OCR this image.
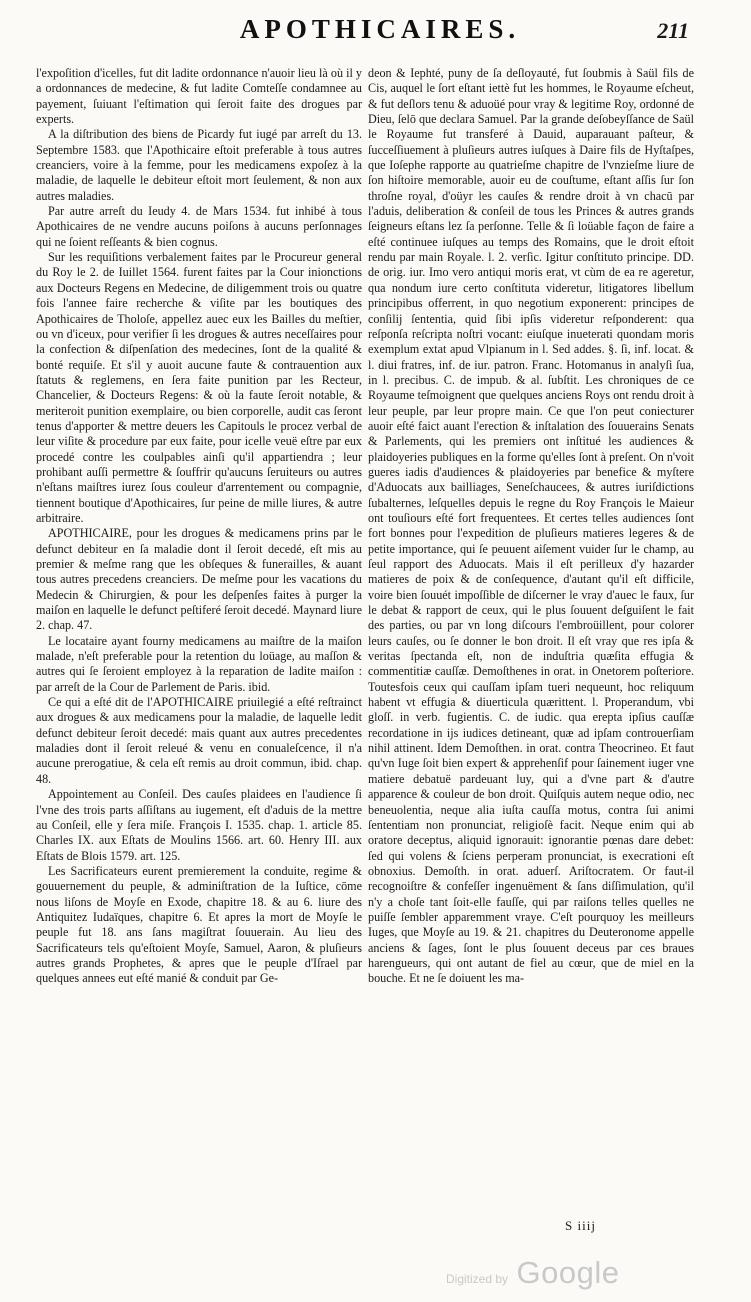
APOTHICAIRES.	211

l'expoſition d'icelles, fut dit ladite ordonnance n'auoir lieu là où il y a ordonnances de medecine, & fut ladite Comteſſe condamnee au payement, ſuiuant l'eſtimation qui ſeroit faite des drogues par experts.

A la diſtribution des biens de Picardy fut iugé par arreſt du 13. Septembre 1583. que l'Apothicaire eſtoit preferable à tous autres creanciers, voire à la femme, pour les medicamens expoſez à la maladie, de laquelle le debiteur eſtoit mort ſeulement, & non aux autres maladies.

Par autre arreſt du Ieudy 4. de Mars 1534. fut inhibé à tous Apothicaires de ne vendre aucuns poiſons à aucuns perſonnages qui ne ſoient reſſeants & bien cognus.

Sur les requiſitions verbalement faites par le Procureur general du Roy le 2. de Iuillet 1564. furent faites par la Cour inionctions aux Docteurs Regens en Medecine, de diligemment trois ou quatre fois l'annee faire recherche & viſite par les boutiques des Apothicaires de Tholoſe, appellez auec eux les Bailles du meſtier, ou vn d'iceux, pour verifier ſi les drogues & autres neceſſaires pour la confection & diſpenſation des medecines, ſont de la qualité & bonté requiſe. Et s'il y auoit aucune faute & contrauention aux ſtatuts & reglemens, en ſera faite punition par les Recteur, Chancelier, & Docteurs Regens: & où la faute ſeroit notable, & meriteroit punition exemplaire, ou bien corporelle, audit cas ſeront tenus d'apporter & mettre deuers les Capitouls le procez verbal de leur viſite & procedure par eux faite, pour icelle veuë eſtre par eux procedé contre les coulpables ainſi qu'il appartiendra ; leur prohibant auſſi permettre & ſouffrir qu'aucuns ſeruiteurs ou autres n'eſtans maiſtres iurez ſous couleur d'arrentement ou compagnie, tiennent boutique d'Apothicaires, ſur peine de mille liures, & autre arbitraire.

APOTHICAIRE, pour les drogues & medicamens prins par le defunct debiteur en ſa maladie dont il ſeroit decedé, eſt mis au premier & meſme rang que les obſeques & funerailles, & auant tous autres precedens creanciers. De meſme pour les vacations du Medecin & Chirurgien, & pour les deſpenſes faites à purger la maiſon en laquelle le defunct peſtiferé ſeroit decedé. Maynard liure 2. chap. 47.

Le locataire ayant fourny medicamens au maiſtre de la maiſon malade, n'eſt preferable pour la retention du loüage, au maſſon & autres qui ſe ſeroient employez à la reparation de ladite maiſon : par arreſt de la Cour de Parlement de Paris. ibid.

Ce qui a eſté dit de l'APOTHICAIRE priuilegié a eſté reſtrainct aux drogues & aux medicamens pour la maladie, de laquelle ledit defunct debiteur ſeroit decedé: mais quant aux autres precedentes maladies dont il ſeroit releué & venu en conualeſcence, il n'a aucune prerogatiue, & cela eſt remis au droit commun, ibid. chap. 48.

Appointement au Conſeil. Des cauſes plaidees en l'audience ſi l'vne des trois parts aſſiſtans au iugement, eſt d'aduis de la mettre au Conſeil, elle y ſera miſe. François I. 1535. chap. 1. article 85. Charles IX. aux Eſtats de Moulins 1566. art. 60. Henry III. aux Eſtats de Blois 1579. art. 125.

Les Sacrificateurs eurent premierement la conduite, regime & gouuernement du peuple, & adminiſtration de la Iuſtice, cōme nous liſons de Moyſe en Exode, chapitre 18. & au 6. liure des Antiquitez Iudaïques, chapitre 6. Et apres la mort de Moyſe le peuple fut 18. ans ſans magiſtrat ſouuerain. Au lieu des Sacrificateurs tels qu'eſtoient Moyſe, Samuel, Aaron, & pluſieurs autres grands Prophetes, & apres que le peuple d'Iſrael par quelques annees eut eſté manié & conduit par Ge-

deon & Iephté, puny de ſa deſloyauté, fut ſoubmis à Saül fils de Cis, auquel le ſort eſtant iettè fut les hommes, le Royaume eſcheut, & fut deſlors tenu & aduoüé pour vray & legitime Roy, ordonné de Dieu, ſelō que declara Samuel. Par la grande deſobeyſſance de Saül le Royaume fut transferé à Dauid, auparauant paſteur, & ſucceſſiuement à pluſieurs autres iuſques à Daire fils de Hyſtaſpes, que Ioſephe rapporte au quatrieſme chapitre de l'vnzieſme liure de ſon hiſtoire memorable, auoir eu de couſtume, eſtant aſſis ſur ſon throſne royal, d'oüyr les cauſes & rendre droit à vn chacū par l'aduis, deliberation & conſeil de tous les Princes & autres grands ſeigneurs eſtans lez ſa perſonne. Telle & ſi loüable façon de faire a eſté continuee iuſques au temps des Romains, que le droit eſtoit rendu par main Royale. l. 2. verſic. Igitur conſtituto principe. DD. de orig. iur. Imo vero antiqui moris erat, vt cùm de ea re ageretur, qua nondum iure certo conſtituta videretur, litigatores libellum principibus offerrent, in quo negotium exponerent: principes de conſilij ſententia, quid ſibi ipſis videretur reſponderent: qua reſponſa reſcripta noſtri vocant: eiuſque inueterati quondam moris exemplum extat apud Vlpianum in l. Sed addes. §. ſi, inf. locat. & l. diui fratres, inf. de iur. patron. Franc. Hotomanus in analyſi ſua, in l. precibus. C. de impub. & al. ſubſtit. Les chroniques de ce Royaume teſmoignent que quelques anciens Roys ont rendu droit à leur peuple, par leur propre main. Ce que l'on peut coniecturer auoir eſté faict auant l'erection & inſtalation des ſouuerains Senats & Parlements, qui les premiers ont inſtitué les audiences & plaidoyeries publiques en la forme qu'elles ſont à preſent. On n'voit gueres iadis d'audiences & plaidoyeries par benefice & myſtere d'Aduocats aux bailliages, Seneſchaucees, & autres iuriſdictions ſubalternes, leſquelles depuis le regne du Roy François le Maieur ont touſiours eſté fort frequentees. Et certes telles audiences ſont fort bonnes pour l'expedition de pluſieurs matieres legeres & de petite importance, qui ſe peuuent aiſement vuider ſur le champ, au ſeul rapport des Aduocats. Mais il eſt perilleux d'y hazarder matieres de poix & de conſequence, d'autant qu'il eſt difficile, voire bien ſouuét impoſſible de diſcerner le vray d'auec le faux, ſur le debat & rapport de ceux, qui le plus ſouuent deſguiſent le fait des parties, ou par vn long diſcours l'embroüillent, pour colorer leurs cauſes, ou ſe donner le bon droit. Il eſt vray que res ipſa & veritas ſpectanda eſt, non de induſtria quæſita effugia & commentitiæ cauſſæ. Demoſthenes in orat. in Onetorem poſteriore. Toutesfois ceux qui cauſſam ipſam tueri nequeunt, hoc reliquum habent vt effugia & diuerticula quærittent. l. Properandum, vbi gloſſ. in verb. fugientis. C. de iudic. qua erepta ipſius cauſſæ recordatione in ijs iudices detineant, quæ ad ipſam controuerſiam nihil attinent. Idem Demoſthen. in orat. contra Theocrineo. Et faut qu'vn Iuge ſoit bien expert & apprehenſif pour ſainement iuger vne matiere debatuë pardeuant luy, qui a d'vne part & d'autre apparence & couleur de bon droit. Quiſquis autem neque odio, nec beneuolentia, neque alia iuſta cauſſa motus, contra ſui animi ſententiam non pronunciat, religioſè facit. Neque enim qui ab oratore deceptus, aliquid ignorauit: ignorantie pœnas dare debet: ſed qui volens & ſciens perperam pronunciat, is execrationi eſt obnoxius. Demoſth. in orat. aduerſ. Ariſtocratem. Or faut-il recognoiſtre & confeſſer ingenuëment & ſans diſſimulation, qu'il n'y a choſe tant ſoit-elle fauſſe, qui par raiſons telles quelles ne puiſſe ſembler apparemment vraye. C'eſt pourquoy les meilleurs Iuges, que Moyſe au 19. & 21. chapitres du Deuteronome appelle anciens & ſages, ſont le plus ſouuent deceus par ces braues harengueurs, qui ont autant de fiel au cœur, que de miel en la bouche. Et ne ſe doiuent les ma-

S iiij
Digitized by Google
